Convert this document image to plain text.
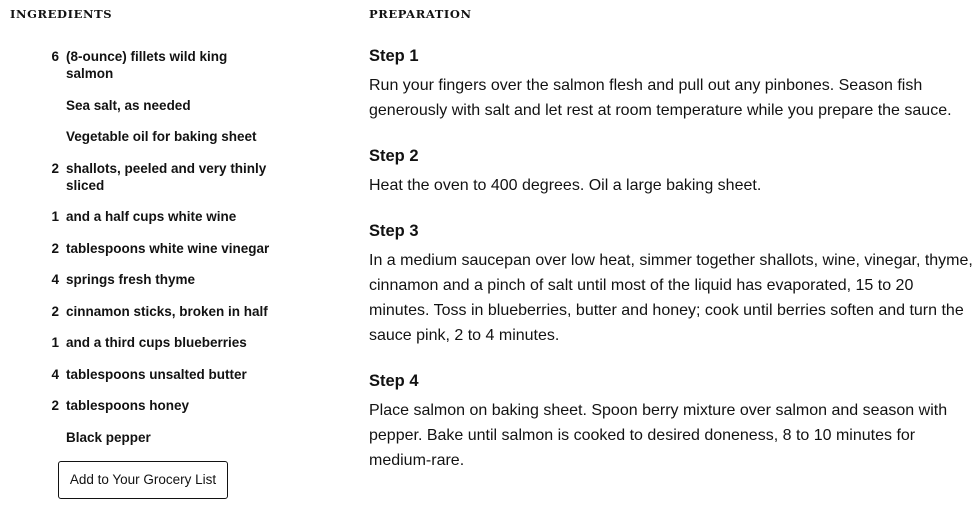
INGREDIENTS
6 (8-ounce) fillets wild king salmon
Sea salt, as needed
Vegetable oil for baking sheet
2 shallots, peeled and very thinly sliced
1 and a half cups white wine
2 tablespoons white wine vinegar
4 springs fresh thyme
2 cinnamon sticks, broken in half
1 and a third cups blueberries
4 tablespoons unsalted butter
2 tablespoons honey
Black pepper
Add to Your Grocery List
PREPARATION
Step 1

Run your fingers over the salmon flesh and pull out any pinbones. Season fish generously with salt and let rest at room temperature while you prepare the sauce.

Step 2

Heat the oven to 400 degrees. Oil a large baking sheet.

Step 3

In a medium saucepan over low heat, simmer together shallots, wine, vinegar, thyme, cinnamon and a pinch of salt until most of the liquid has evaporated, 15 to 20 minutes. Toss in blueberries, butter and honey; cook until berries soften and turn the sauce pink, 2 to 4 minutes.

Step 4

Place salmon on baking sheet. Spoon berry mixture over salmon and season with pepper. Bake until salmon is cooked to desired doneness, 8 to 10 minutes for medium-rare.
